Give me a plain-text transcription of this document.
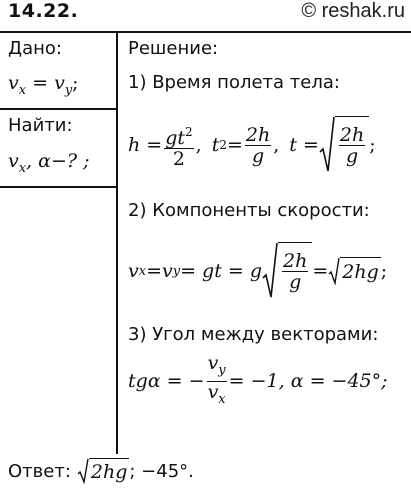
14.22.	© reshak.ru
Дано:
$v_x = v_y$;
Найти:
$v_x$, α−? ;
Решение:
1) Время полета тела:
$h = \frac{gt^2}{2}$ , t $2 = \frac{2h}{g}$ , $t = \frac{2h}{g}$ ;
2) Компоненты скорости:
v x = v y = gt = g $\frac{2h}{g} = 2hg$ ;
3) Угол между векторами:
tg α = − $\frac{v_y}{v_x} = -1$, α = −45°;
Ответ: 2hg ; −45°.
